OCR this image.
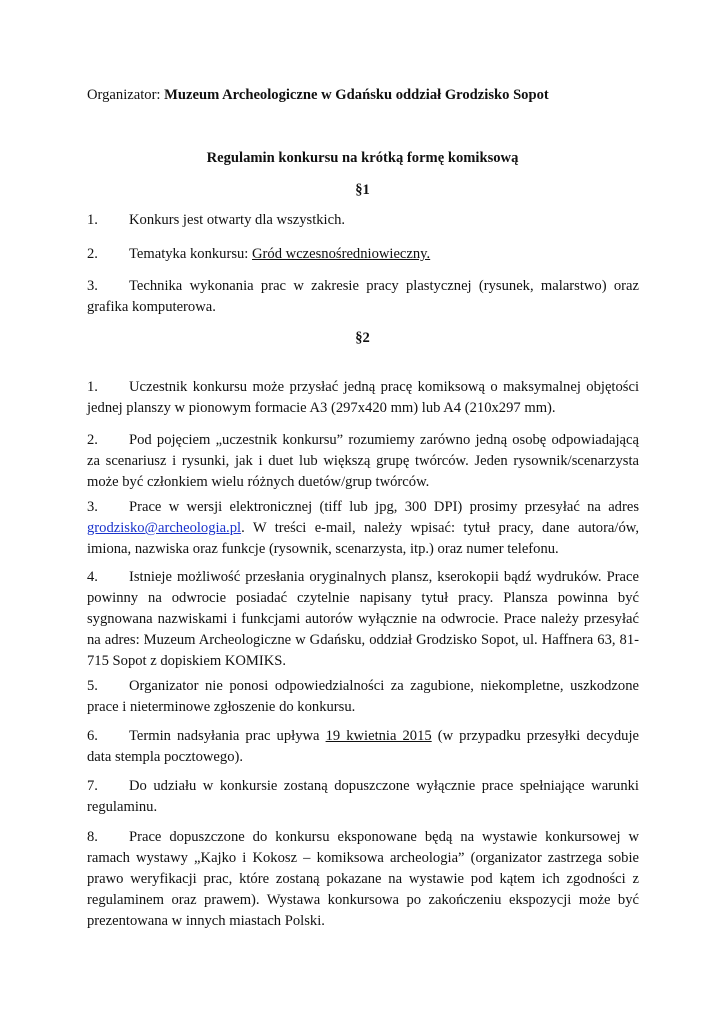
Organizator: Muzeum Archeologiczne w Gdańsku oddział Grodzisko Sopot
Regulamin konkursu na krótką formę komiksową
§1
1. Konkurs jest otwarty dla wszystkich.
2. Tematyka konkursu: Gród wczesnośredniowieczny.
3. Technika wykonania prac w zakresie pracy plastycznej (rysunek, malarstwo) oraz
grafika komputerowa.
§2
1. Uczestnik konkursu może przysłać jedną pracę komiksową o maksymalnej objętości
jednej planszy w pionowym formacie A3 (297x420 mm) lub A4 (210x297 mm).
2. Pod pojęciem „uczestnik konkursu” rozumiemy zarówno jedną osobę odpowiadającą
za scenariusz i rysunki, jak i duet lub większą grupę twórców. Jeden rysownik/scenarzysta
może być członkiem wielu różnych duetów/grup twórców.
3. Prace w wersji elektronicznej (tiff lub jpg, 300 DPI) prosimy przesyłać na adres
grodzisko@archeologia.pl. W treści e-mail, należy wpisać: tytuł pracy, dane autora/ów,
imiona, nazwiska oraz funkcje (rysownik, scenarzysta, itp.) oraz numer telefonu.
4. Istnieje możliwość przesłania oryginalnych plansz, kserokopii bądź wydruków. Prace
powinny na odwrocie posiadać czytelnie napisany tytuł pracy. Plansza powinna być
sygnowana nazwiskami i funkcjami autorów wyłącznie na odwrocie. Prace należy przesyłać
na adres: Muzeum Archeologiczne w Gdańsku, oddział Grodzisko Sopot, ul. Haffnera 63, 81-
715 Sopot z dopiskiem KOMIKS.
5. Organizator nie ponosi odpowiedzialności za zagubione, niekompletne, uszkodzone
prace i nieterminowe zgłoszenie do konkursu.
6. Termin nadsyłania prac upływa 19 kwietnia 2015 (w przypadku przesyłki decyduje
data stempla pocztowego).
7. Do udziału w konkursie zostaną dopuszczone wyłącznie prace spełniające warunki
regulaminu.
8. Prace dopuszczone do konkursu eksponowane będą na wystawie konkursowej w
ramach wystawy „Kajko i Kokosz – komiksowa archeologia” (organizator zastrzega sobie
prawo weryfikacji prac, które zostaną pokazane na wystawie pod kątem ich zgodności z
regulaminem oraz prawem). Wystawa konkursowa po zakończeniu ekspozycji może być
prezentowana w innych miastach Polski.
